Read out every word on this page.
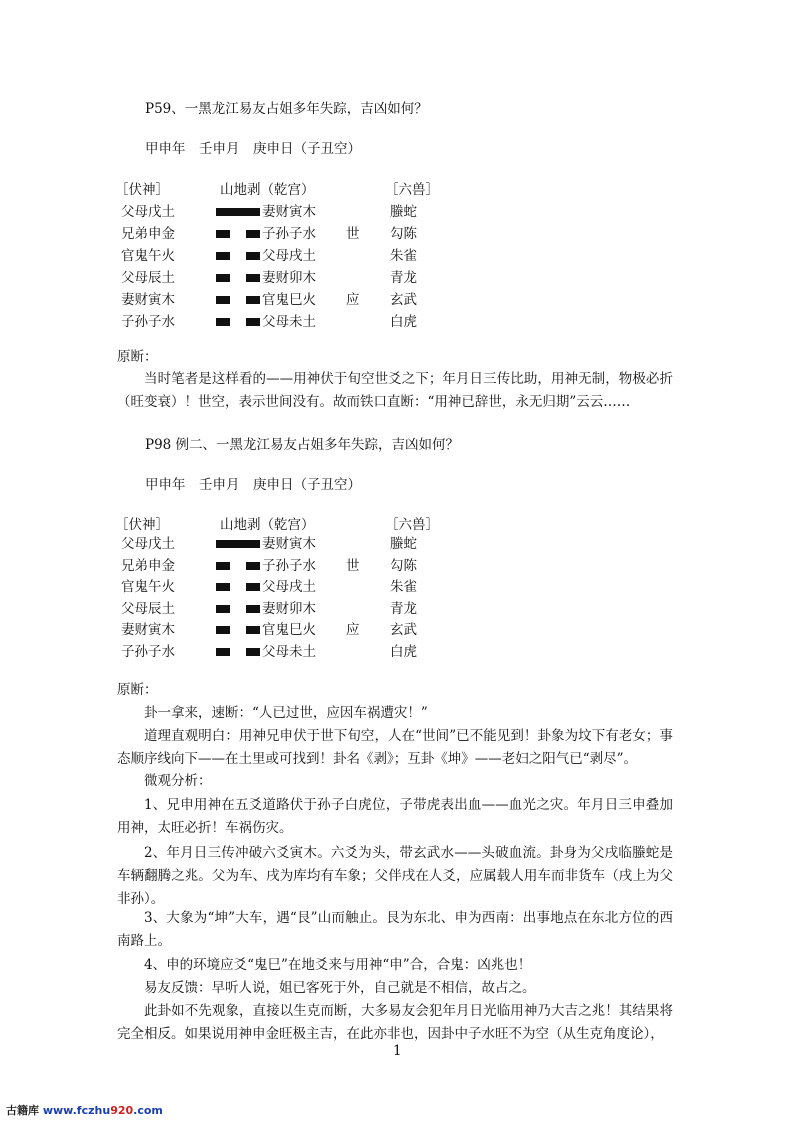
P59、一黑龙江易友占姐多年失踪，吉凶如何？
甲申年　壬申月　庚申日（子丑空）
［伏神］	山地剥（乾宫）	［六兽］
父母戊土	妻财寅木	螣蛇
兄弟申金	子孙子水 世 勾陈
官鬼午火	父母戌土	朱雀
父母辰土	妻财卯木	青龙
妻财寅木	官鬼巳火 应 玄武
子孙子水	父母未土	白虎
原断：
当时笔者是这样看的——用神伏于旬空世爻之下；年月日三传比助，用神无制，物极必折（旺变衰）！世空，表示世间没有。故而铁口直断：“用神已辞世，永无归期”云云……
P98 例二、一黑龙江易友占姐多年失踪，吉凶如何？
甲申年　壬申月　庚申日（子丑空）
［伏神］	山地剥（乾宫）	［六兽］
父母戊土	妻财寅木	螣蛇
兄弟申金	子孙子水 世 勾陈
官鬼午火	父母戌土	朱雀
父母辰土	妻财卯木	青龙
妻财寅木	官鬼巳火 应 玄武
子孙子水	父母未土	白虎
原断：
卦一拿来，速断：“人已过世，应因车祸遭灾！”
道理直观明白：用神兄申伏于世下旬空，人在“世间”已不能见到！卦象为坟下有老女；事态顺序线向下——在土里或可找到！卦名《剥》；互卦《坤》——老妇之阳气已“剥尽”。
微观分析：
1、兄申用神在五爻道路伏于孙子白虎位，子带虎表出血——血光之灾。年月日三申叠加用神，太旺必折！车祸伤灾。
2、年月日三传冲破六爻寅木。六爻为头，带玄武水——头破血流。卦身为父戌临螣蛇是车辆翻腾之兆。父为车、戌为库均有车象；父伴戌在人爻，应属载人用车而非货车（戌上为父非孙）。
3、大象为“坤”大车，遇“艮”山而触止。艮为东北、申为西南：出事地点在东北方位的西南路上。
4、申的环境应爻“鬼巳”在地爻来与用神“申”合，合鬼：凶兆也！
易友反馈：早听人说，姐已客死于外，自己就是不相信，故占之。
此卦如不先观象，直接以生克而断，大多易友会犯年月日光临用神乃大吉之兆！其结果将完全相反。如果说用神申金旺极主吉，在此亦非也，因卦中子水旺不为空（从生克角度论），
1
古籍库 www.fczhu920.com
